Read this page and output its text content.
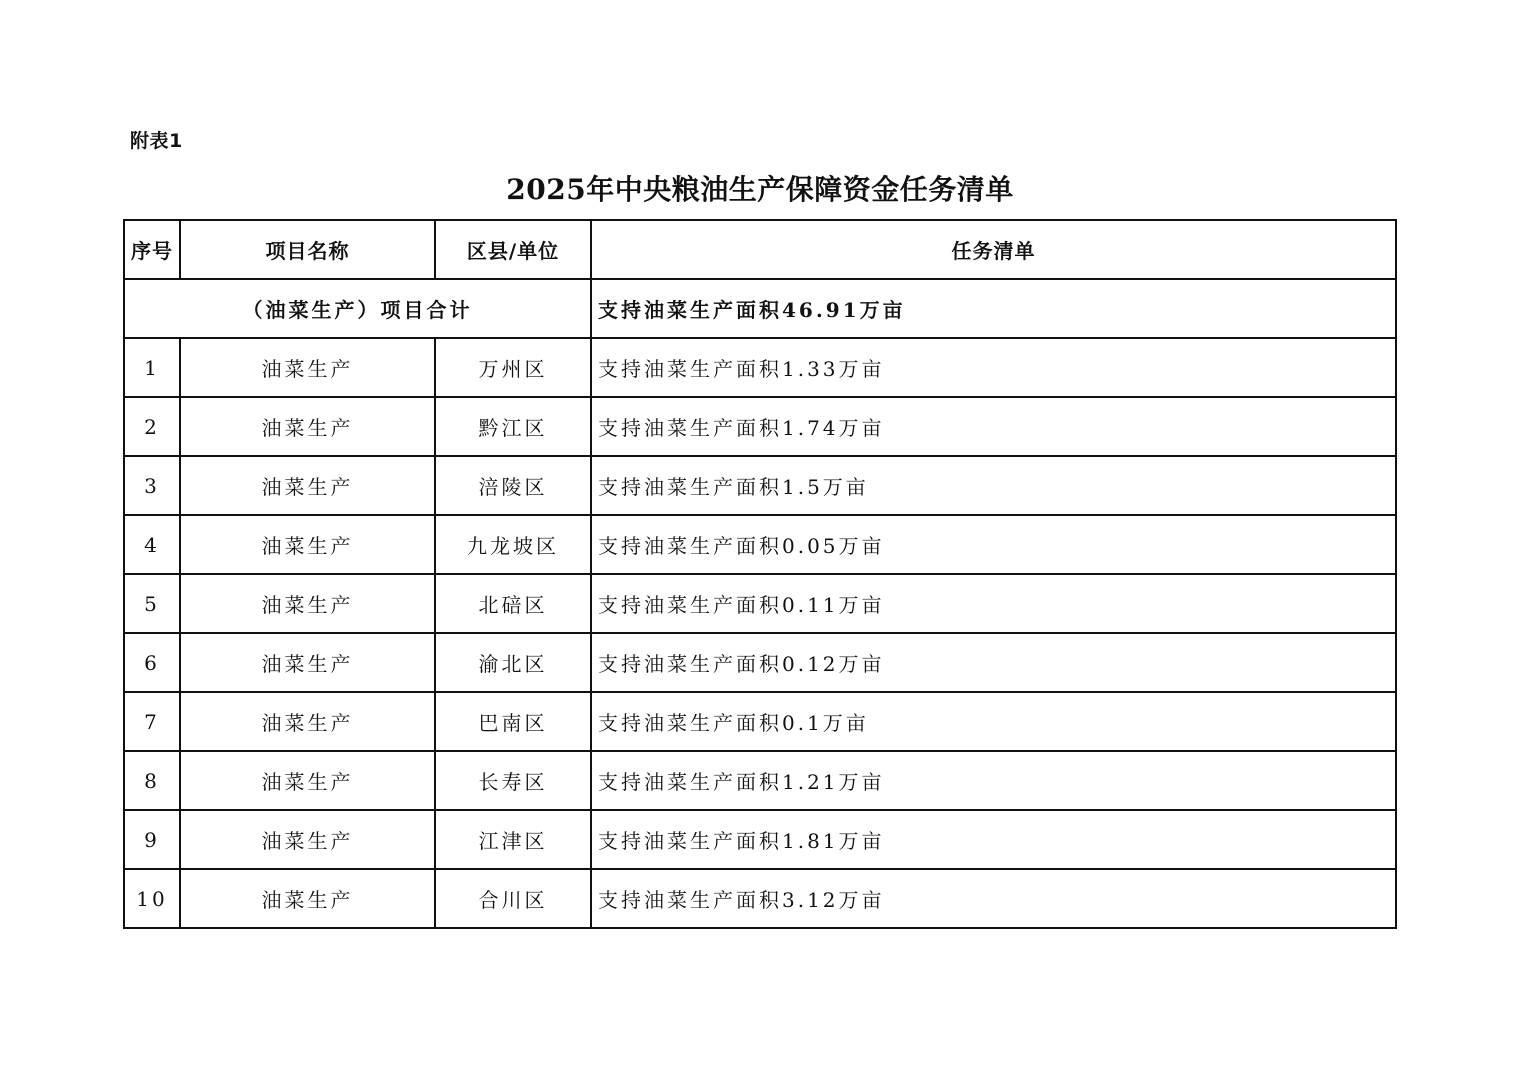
附表1
2025年中央粮油生产保障资金任务清单
序号	项目名称	区县/单位	任务清单
（油菜生产）项目合计			支持油菜生产面积46.91万亩
1	油菜生产	万州区	支持油菜生产面积1.33万亩
2	油菜生产	黔江区	支持油菜生产面积1.74万亩
3	油菜生产	涪陵区	支持油菜生产面积1.5万亩
4	油菜生产	九龙坡区	支持油菜生产面积0.05万亩
5	油菜生产	北碚区	支持油菜生产面积0.11万亩
6	油菜生产	渝北区	支持油菜生产面积0.12万亩
7	油菜生产	巴南区	支持油菜生产面积0.1万亩
8	油菜生产	长寿区	支持油菜生产面积1.21万亩
9	油菜生产	江津区	支持油菜生产面积1.81万亩
10	油菜生产	合川区	支持油菜生产面积3.12万亩
